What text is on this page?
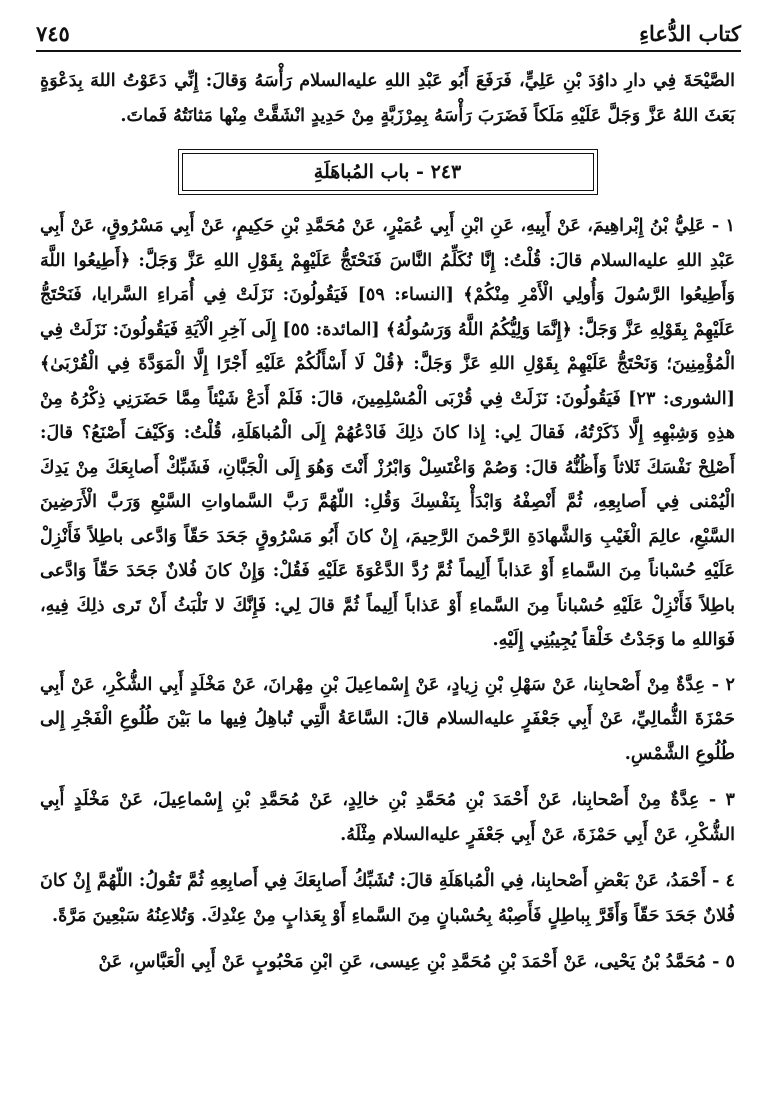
٧٤٥	كتاب الدُّعاءِ

الصَّيْحَةَ فِي دارِ داوُدَ بْنِ عَلِيٍّ، فَرَفَعَ أَبُو عَبْدِ اللهِ عليه‌السلام رَأْسَهُ وَقالَ: إِنِّي دَعَوْتُ اللهَ بِدَعْوَةٍ بَعَثَ اللهُ عَزَّ وَجَلَّ عَلَيْهِ مَلَكاً فَضَرَبَ رَأْسَهُ بِمِرْزَبَّةٍ مِنْ حَدِيدٍ انْشَقَّتْ مِنْها مَثانَتُهُ فَماتَ.

٢٤٣ - باب المُباهَلَةِ

١ - عَلِيُّ بْنُ إِبْراهِيمَ، عَنْ أَبِيهِ، عَنِ ابْنِ أَبِي عُمَيْرٍ، عَنْ مُحَمَّدِ بْنِ حَكِيمٍ، عَنْ أَبِي مَسْرُوقٍ، عَنْ أَبِي عَبْدِ اللهِ عليه‌السلام قالَ: قُلْتُ: إِنَّا نُكَلِّمُ النَّاسَ فَنَحْتَجُّ عَلَيْهِمْ بِقَوْلِ اللهِ عَزَّ وَجَلَّ: ﴿أَطِيعُوا اللَّهَ وَأَطِيعُوا الرَّسُولَ وَأُولِي الْأَمْرِ مِنْكُمْ﴾ [النساء: ٥٩] فَيَقُولُونَ: نَزَلَتْ فِي أُمَراءِ السَّرايا، فَنَحْتَجُّ عَلَيْهِمْ بِقَوْلِهِ عَزَّ وَجَلَّ: ﴿إِنَّمَا وَلِيُّكُمُ اللَّهُ وَرَسُولُهُ﴾ [المائدة: ٥٥] إِلَى آخِرِ الْآيَةِ فَيَقُولُونَ: نَزَلَتْ فِي الْمُؤْمِنِينَ؛ وَنَحْتَجُّ عَلَيْهِمْ بِقَوْلِ اللهِ عَزَّ وَجَلَّ: ﴿قُلْ لَا أَسْأَلُكُمْ عَلَيْهِ أَجْرًا إِلَّا الْمَوَدَّةَ فِي الْقُرْبَىٰ﴾ [الشورى: ٢٣] فَيَقُولُونَ: نَزَلَتْ فِي قُرْبَى الْمُسْلِمِينَ، قالَ: فَلَمْ أَدَعْ شَيْئاً مِمَّا حَضَرَنِي ذِكْرُهُ مِنْ هذِهِ وَشِبْهِهِ إِلَّا ذَكَرْتُهُ، فَقالَ لِي: إِذا كانَ ذلِكَ فَادْعُهُمْ إِلَى الْمُباهَلَةِ، قُلْتُ: وَكَيْفَ أَصْنَعُ؟ قالَ: أَصْلِحْ نَفْسَكَ ثَلاثاً وَأَظُنُّهُ قالَ: وَصُمْ وَاغْتَسِلْ وَابْرُزْ أَنْتَ وَهُوَ إِلَى الْجَبَّانِ، فَشَبِّكْ أَصابِعَكَ مِنْ يَدِكَ الْيُمْنى فِي أَصابِعِهِ، ثُمَّ أَنْصِفْهُ وَابْدَأْ بِنَفْسِكَ وَقُلِ: اللّهُمَّ رَبَّ السَّماواتِ السَّبْعِ وَرَبَّ الْأَرَضِينَ السَّبْعِ، عالِمَ الْغَيْبِ وَالشَّهادَةِ الرَّحْمنَ الرَّحِيمَ، إِنْ كانَ أَبُو مَسْرُوقٍ جَحَدَ حَقّاً وَادَّعى باطِلاً فَأَنْزِلْ عَلَيْهِ حُسْباناً مِنَ السَّماءِ أَوْ عَذاباً أَلِيماً ثُمَّ رُدَّ الدَّعْوَةَ عَلَيْهِ فَقُلْ: وَإِنْ كانَ فُلانٌ جَحَدَ حَقّاً وَادَّعى باطِلاً فَأَنْزِلْ عَلَيْهِ حُسْباناً مِنَ السَّماءِ أَوْ عَذاباً أَلِيماً ثُمَّ قالَ لِي: فَإِنَّكَ لا تَلْبَثُ أَنْ تَرى ذلِكَ فِيهِ، فَوَاللهِ ما وَجَدْتُ خَلْقاً يُجِيبُنِي إِلَيْهِ.

٢ - عِدَّةٌ مِنْ أَصْحابِنا، عَنْ سَهْلِ بْنِ زِيادٍ، عَنْ إِسْماعِيلَ بْنِ مِهْرانَ، عَنْ مَخْلَدٍ أَبِي الشُّكْرِ، عَنْ أَبِي حَمْزَةَ الثُّمالِيِّ، عَنْ أَبِي جَعْفَرٍ عليه‌السلام قالَ: السَّاعَةُ الَّتِي تُباهِلُ فِيها ما بَيْنَ طُلُوعِ الْفَجْرِ إِلى طُلُوعِ الشَّمْسِ.

٣ - عِدَّةٌ مِنْ أَصْحابِنا، عَنْ أَحْمَدَ بْنِ مُحَمَّدِ بْنِ خالِدٍ، عَنْ مُحَمَّدِ بْنِ إِسْماعِيلَ، عَنْ مَخْلَدٍ أَبِي الشُّكْرِ، عَنْ أَبِي حَمْزَةَ، عَنْ أَبِي جَعْفَرٍ عليه‌السلام مِثْلَهُ.

٤ - أَحْمَدُ، عَنْ بَعْضِ أَصْحابِنا، فِي الْمُباهَلَةِ قالَ: تُشَبِّكُ أَصابِعَكَ فِي أَصابِعِهِ ثُمَّ تَقُولُ: اللّهُمَّ إِنْ كانَ فُلانٌ جَحَدَ حَقّاً وَأَقَرَّ بِباطِلٍ فَأَصِبْهُ بِحُسْبانٍ مِنَ السَّماءِ أَوْ بِعَذابٍ مِنْ عِنْدِكَ. وَتُلاعِنُهُ سَبْعِينَ مَرَّةً.

٥ - مُحَمَّدُ بْنُ يَحْيى، عَنْ أَحْمَدَ بْنِ مُحَمَّدِ بْنِ عِيسى، عَنِ ابْنِ مَحْبُوبٍ عَنْ أَبِي الْعَبَّاسِ، عَنْ
